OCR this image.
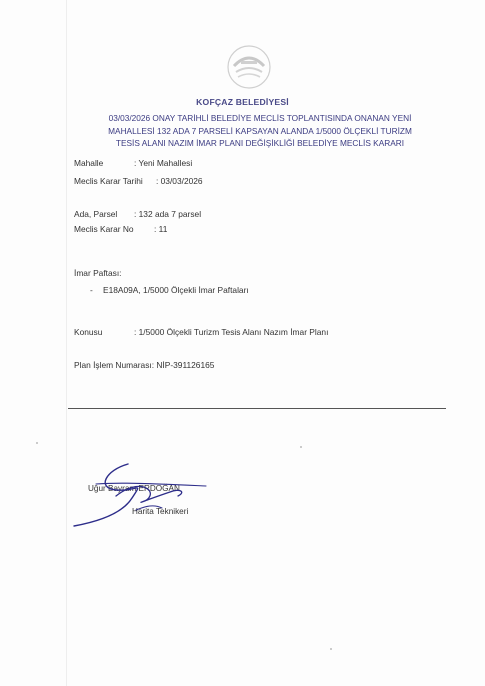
KOFÇAZ BELEDİYESİ
03/03/2026 ONAY TARİHLİ BELEDİYE MECLİS TOPLANTISINDA ONANAN YENİ
MAHALLESİ 132 ADA 7 PARSELİ KAPSAYAN ALANDA 1/5000 ÖLÇEKLİ TURİZM
TESİS ALANI NAZIM İMAR PLANI DEĞİŞİKLİĞİ BELEDİYE MECLİS KARARI
Mahalle	: Yeni Mahallesi
Meclis Karar Tarihi : 03/03/2026
Ada, Parsel : 132 ada 7 parsel
Meclis Karar No : 11
İmar Paftası:
- E18A09A, 1/5000 Ölçekli İmar Paftaları
Konusu	: 1/5000 Ölçekli Turizm Tesis Alanı Nazım İmar Planı
Plan İşlem Numarası: NİP-391126165
Uğur Bayram ERDOĞAN
Harita Teknikeri
